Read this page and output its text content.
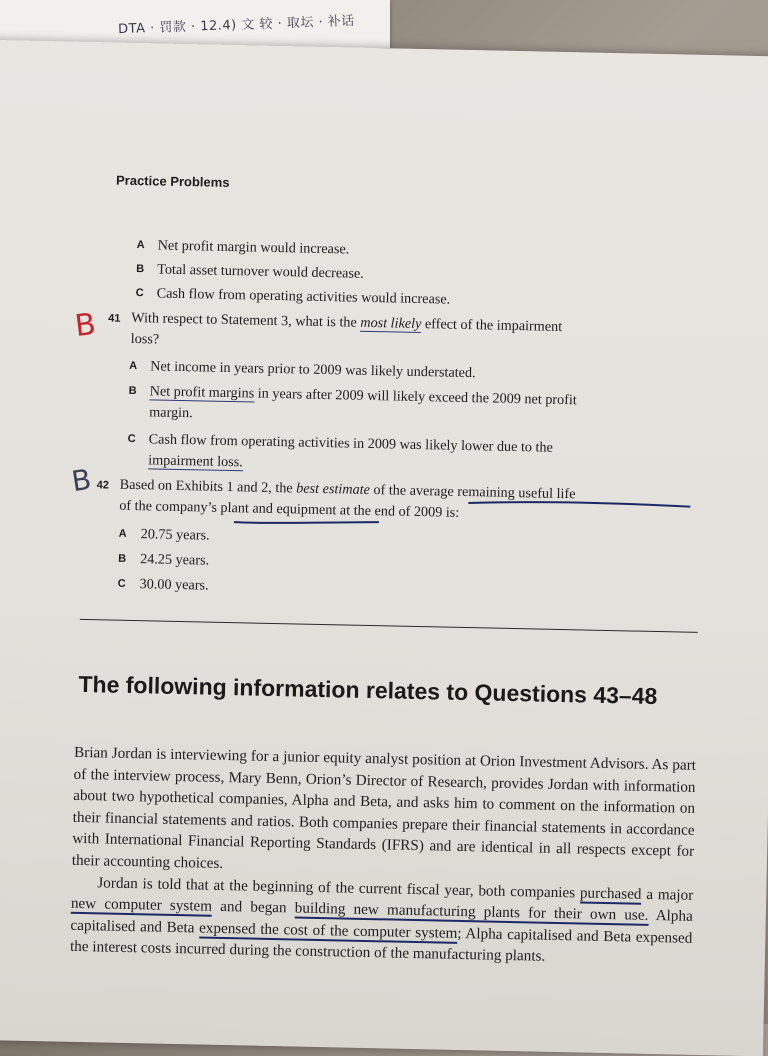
DTA · 罚款 · 12.4) 文 较 · 取坛 · 补话
Practice Problems
A Net profit margin would increase.
B Total asset turnover would decrease.
C Cash flow from operating activities would increase.
B 41 With respect to Statement 3, what is the most likely effect of the impairment
loss?
A Net income in years prior to 2009 was likely understated.
B Net profit margins in years after 2009 will likely exceed the 2009 net profit
margin.
C Cash flow from operating activities in 2009 was likely lower due to the
impairment loss.
B 42 Based on Exhibits 1 and 2, the best estimate of the average remaining useful life
of the company’s plant and equipment at the end of 2009 is:
A 20.75 years.
B 24.25 years.
C 30.00 years.
The following information relates to Questions 43–48

Brian Jordan is interviewing for a junior equity analyst position at Orion Investment Advisors. As part of the interview process, Mary Benn, Orion’s Director of Research, provides Jordan with information about two hypothetical companies, Alpha and Beta, and asks him to comment on the information on their financial statements and ratios. Both companies prepare their financial statements in accordance with International Financial Reporting Standards (IFRS) and are identical in all respects except for their accounting choices.

Jordan is told that at the beginning of the current fiscal year, both companies purchased a major new computer system and began building new manufacturing plants for their own use. Alpha capitalised and Beta expensed the cost of the computer system; Alpha capitalised and Beta expensed the interest costs incurred during the construction of the manufacturing plants.
